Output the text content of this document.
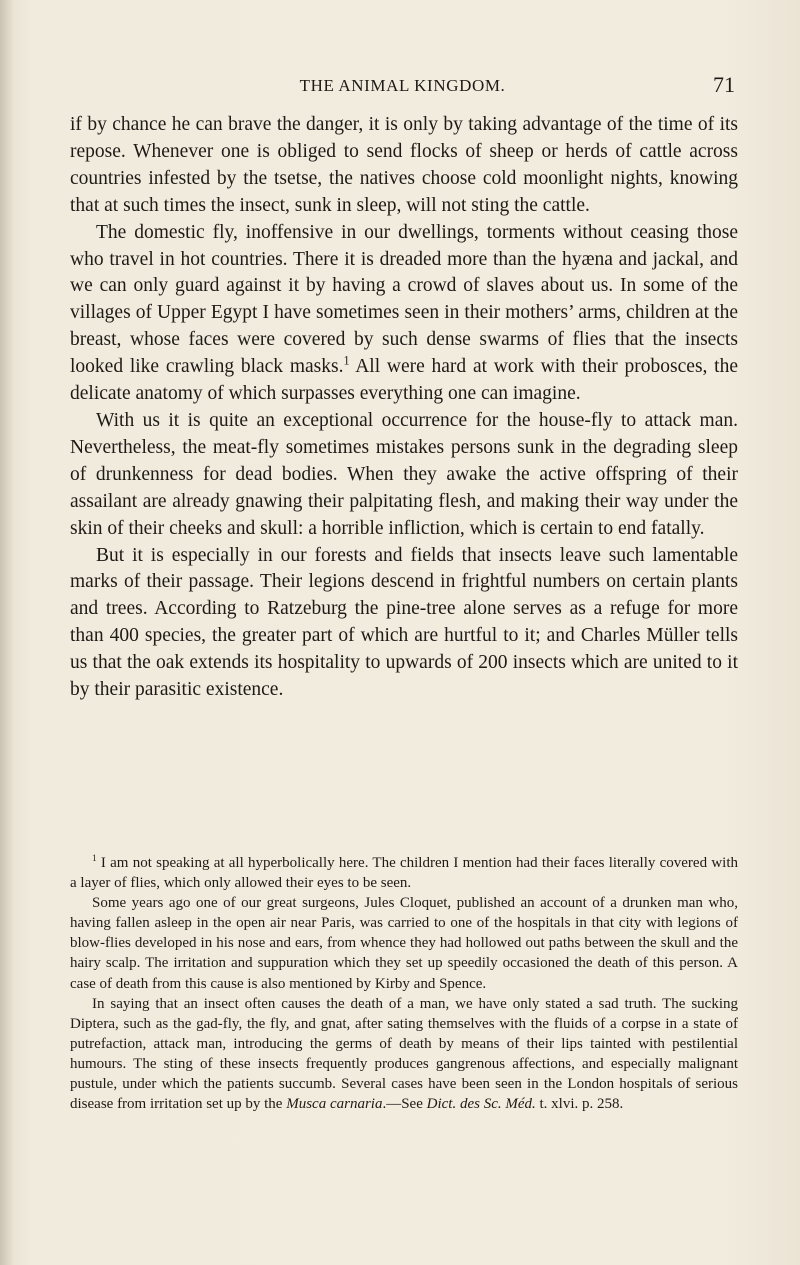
THE ANIMAL KINGDOM.	71

if by chance he can brave the danger, it is only by taking advantage of the time of its repose. Whenever one is obliged to send flocks of sheep or herds of cattle across countries infested by the tsetse, the natives choose cold moonlight nights, knowing that at such times the insect, sunk in sleep, will not sting the cattle.

The domestic fly, inoffensive in our dwellings, torments without ceasing those who travel in hot countries. There it is dreaded more than the hyæna and jackal, and we can only guard against it by having a crowd of slaves about us. In some of the villages of Upper Egypt I have sometimes seen in their mothers’ arms, children at the breast, whose faces were covered by such dense swarms of flies that the insects looked like crawling black masks.$^1$ All were hard at work with their probosces, the delicate anatomy of which surpasses everything one can imagine.

With us it is quite an exceptional occurrence for the house-fly to attack man. Nevertheless, the meat-fly sometimes mistakes persons sunk in the degrading sleep of drunkenness for dead bodies. When they awake the active offspring of their assailant are already gnawing their palpitating flesh, and making their way under the skin of their cheeks and skull: a horrible infliction, which is certain to end fatally.

But it is especially in our forests and fields that insects leave such lamentable marks of their passage. Their legions descend in frightful numbers on certain plants and trees. According to Ratzeburg the pine-tree alone serves as a refuge for more than 400 species, the greater part of which are hurtful to it; and Charles Müller tells us that the oak extends its hospitality to upwards of 200 insects which are united to it by their parasitic existence.

$^1$ I am not speaking at all hyperbolically here. The children I mention had their faces literally covered with a layer of flies, which only allowed their eyes to be seen.

Some years ago one of our great surgeons, Jules Cloquet, published an account of a drunken man who, having fallen asleep in the open air near Paris, was carried to one of the hospitals in that city with legions of blow-flies developed in his nose and ears, from whence they had hollowed out paths between the skull and the hairy scalp. The irritation and suppuration which they set up speedily occasioned the death of this person. A case of death from this cause is also mentioned by Kirby and Spence.

In saying that an insect often causes the death of a man, we have only stated a sad truth. The sucking Diptera, such as the gad-fly, the fly, and gnat, after sating themselves with the fluids of a corpse in a state of putrefaction, attack man, introducing the germs of death by means of their lips tainted with pestilential humours. The sting of these insects frequently produces gangrenous affections, and especially malignant pustule, under which the patients succumb. Several cases have been seen in the London hospitals of serious disease from irritation set up by the Musca carnaria.—See Dict. des Sc. Méd. t. xlvi. p. 258.
